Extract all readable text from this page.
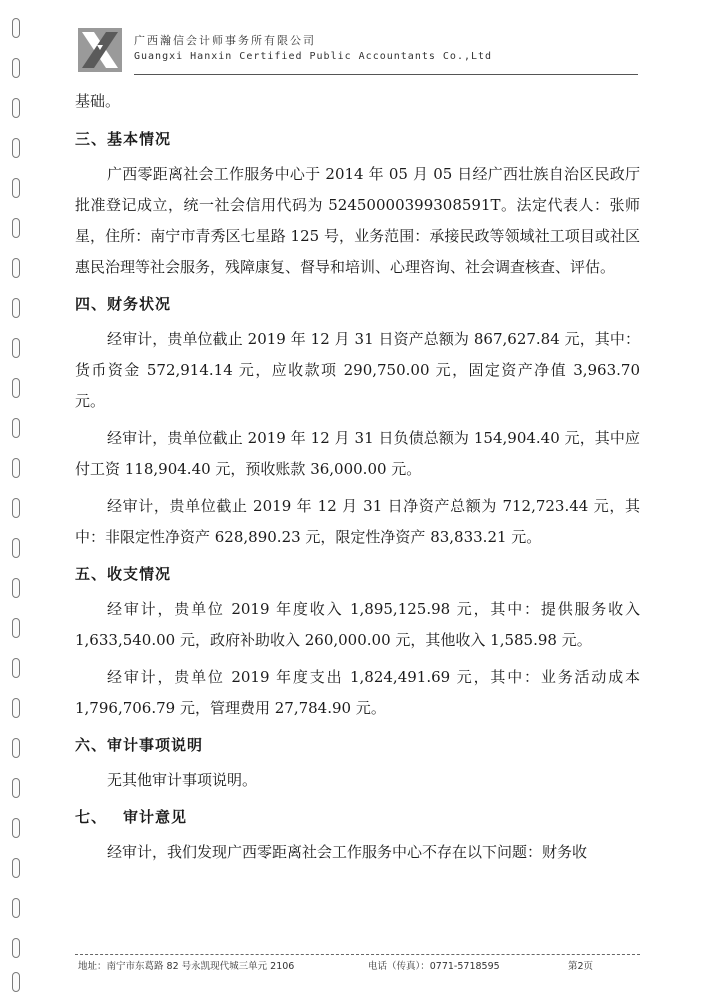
广西瀚信会计师事务所有限公司
Guangxi Hanxin Certified Public Accountants Co.,Ltd

基础。

三、基本情况

广西零距离社会工作服务中心于 2014 年 05 月 05 日经广西壮族自治区民政厅批准登记成立，统一社会信用代码为 52450000399308591T。法定代表人：张师星，住所：南宁市青秀区七星路 125 号，业务范围：承接民政等领域社工项目或社区惠民治理等社会服务，残障康复、督导和培训、心理咨询、社会调查核查、评估。

四、财务状况

经审计，贵单位截止 2019 年 12 月 31 日资产总额为 867,627.84 元，其中：货币资金 572,914.14 元，应收款项 290,750.00 元，固定资产净值 3,963.70 元。

经审计，贵单位截止 2019 年 12 月 31 日负债总额为 154,904.40 元，其中应付工资 118,904.40 元，预收账款 36,000.00 元。

经审计，贵单位截止 2019 年 12 月 31 日净资产总额为 712,723.44 元，其中：非限定性净资产 628,890.23 元，限定性净资产 83,833.21 元。

五、收支情况

经审计，贵单位 2019 年度收入 1,895,125.98 元，其中：提供服务收入 1,633,540.00 元，政府补助收入 260,000.00 元，其他收入 1,585.98 元。

经审计，贵单位 2019 年度支出 1,824,491.69 元，其中：业务活动成本 1,796,706.79 元，管理费用 27,784.90 元。

六、审计事项说明

无其他审计事项说明。

七、 审计意见

经审计，我们发现广西零距离社会工作服务中心不存在以下问题：财务收

地址：南宁市东葛路 82 号永凯现代城三单元 2106	电话（传真）：0771-5718595	第2页
